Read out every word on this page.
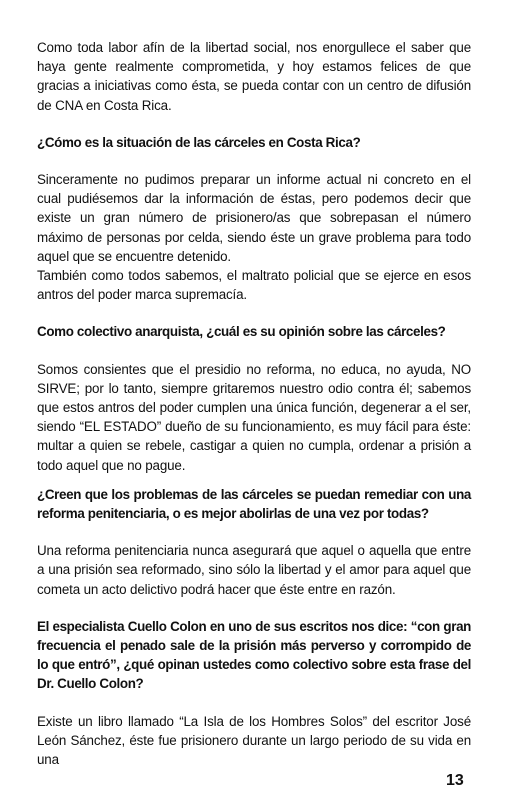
Como toda labor afín de la libertad social, nos enorgullece el saber que haya gente realmente comprometida, y hoy estamos felices de que gracias a iniciativas como ésta, se pueda contar con un centro de difusión de CNA en Costa Rica.

¿Cómo es la situación de las cárceles en Costa Rica?

Sinceramente no pudimos preparar un informe actual ni concreto en el cual pudiésemos dar la información de éstas, pero podemos decir que existe un gran número de prisionero/as que sobrepasan el número máximo de personas por celda, siendo éste un grave problema para todo aquel que se encuentre detenido.

También como todos sabemos, el maltrato policial que se ejerce en esos antros del poder marca supremacía.

Como colectivo anarquista, ¿cuál es su opinión sobre las cárceles?

Somos consientes que el presidio no reforma, no educa, no ayuda, NO SIRVE; por lo tanto, siempre gritaremos nuestro odio contra él; sabemos que estos antros del poder cumplen una única función, degenerar a el ser, siendo “EL ESTADO” dueño de su funcionamiento, es muy fácil para éste: multar a quien se rebele, castigar a quien no cumpla, ordenar a prisión a todo aquel que no pague.

¿Creen que los problemas de las cárceles se puedan remediar con una reforma penitenciaria, o es mejor abolirlas de una vez por todas?

Una reforma penitenciaria nunca asegurará que aquel o aquella que entre a una prisión sea reformado, sino sólo la libertad y el amor para aquel que cometa un acto delictivo podrá hacer que éste entre en razón.

El especialista Cuello Colon en uno de sus escritos nos dice: “con gran frecuencia el penado sale de la prisión más perverso y corrompido de lo que entró”, ¿qué opinan ustedes como colectivo sobre esta frase del Dr. Cuello Colon?

Existe un libro llamado “La Isla de los Hombres Solos” del escritor José León Sánchez, éste fue prisionero durante un largo periodo de su vida en una

13
